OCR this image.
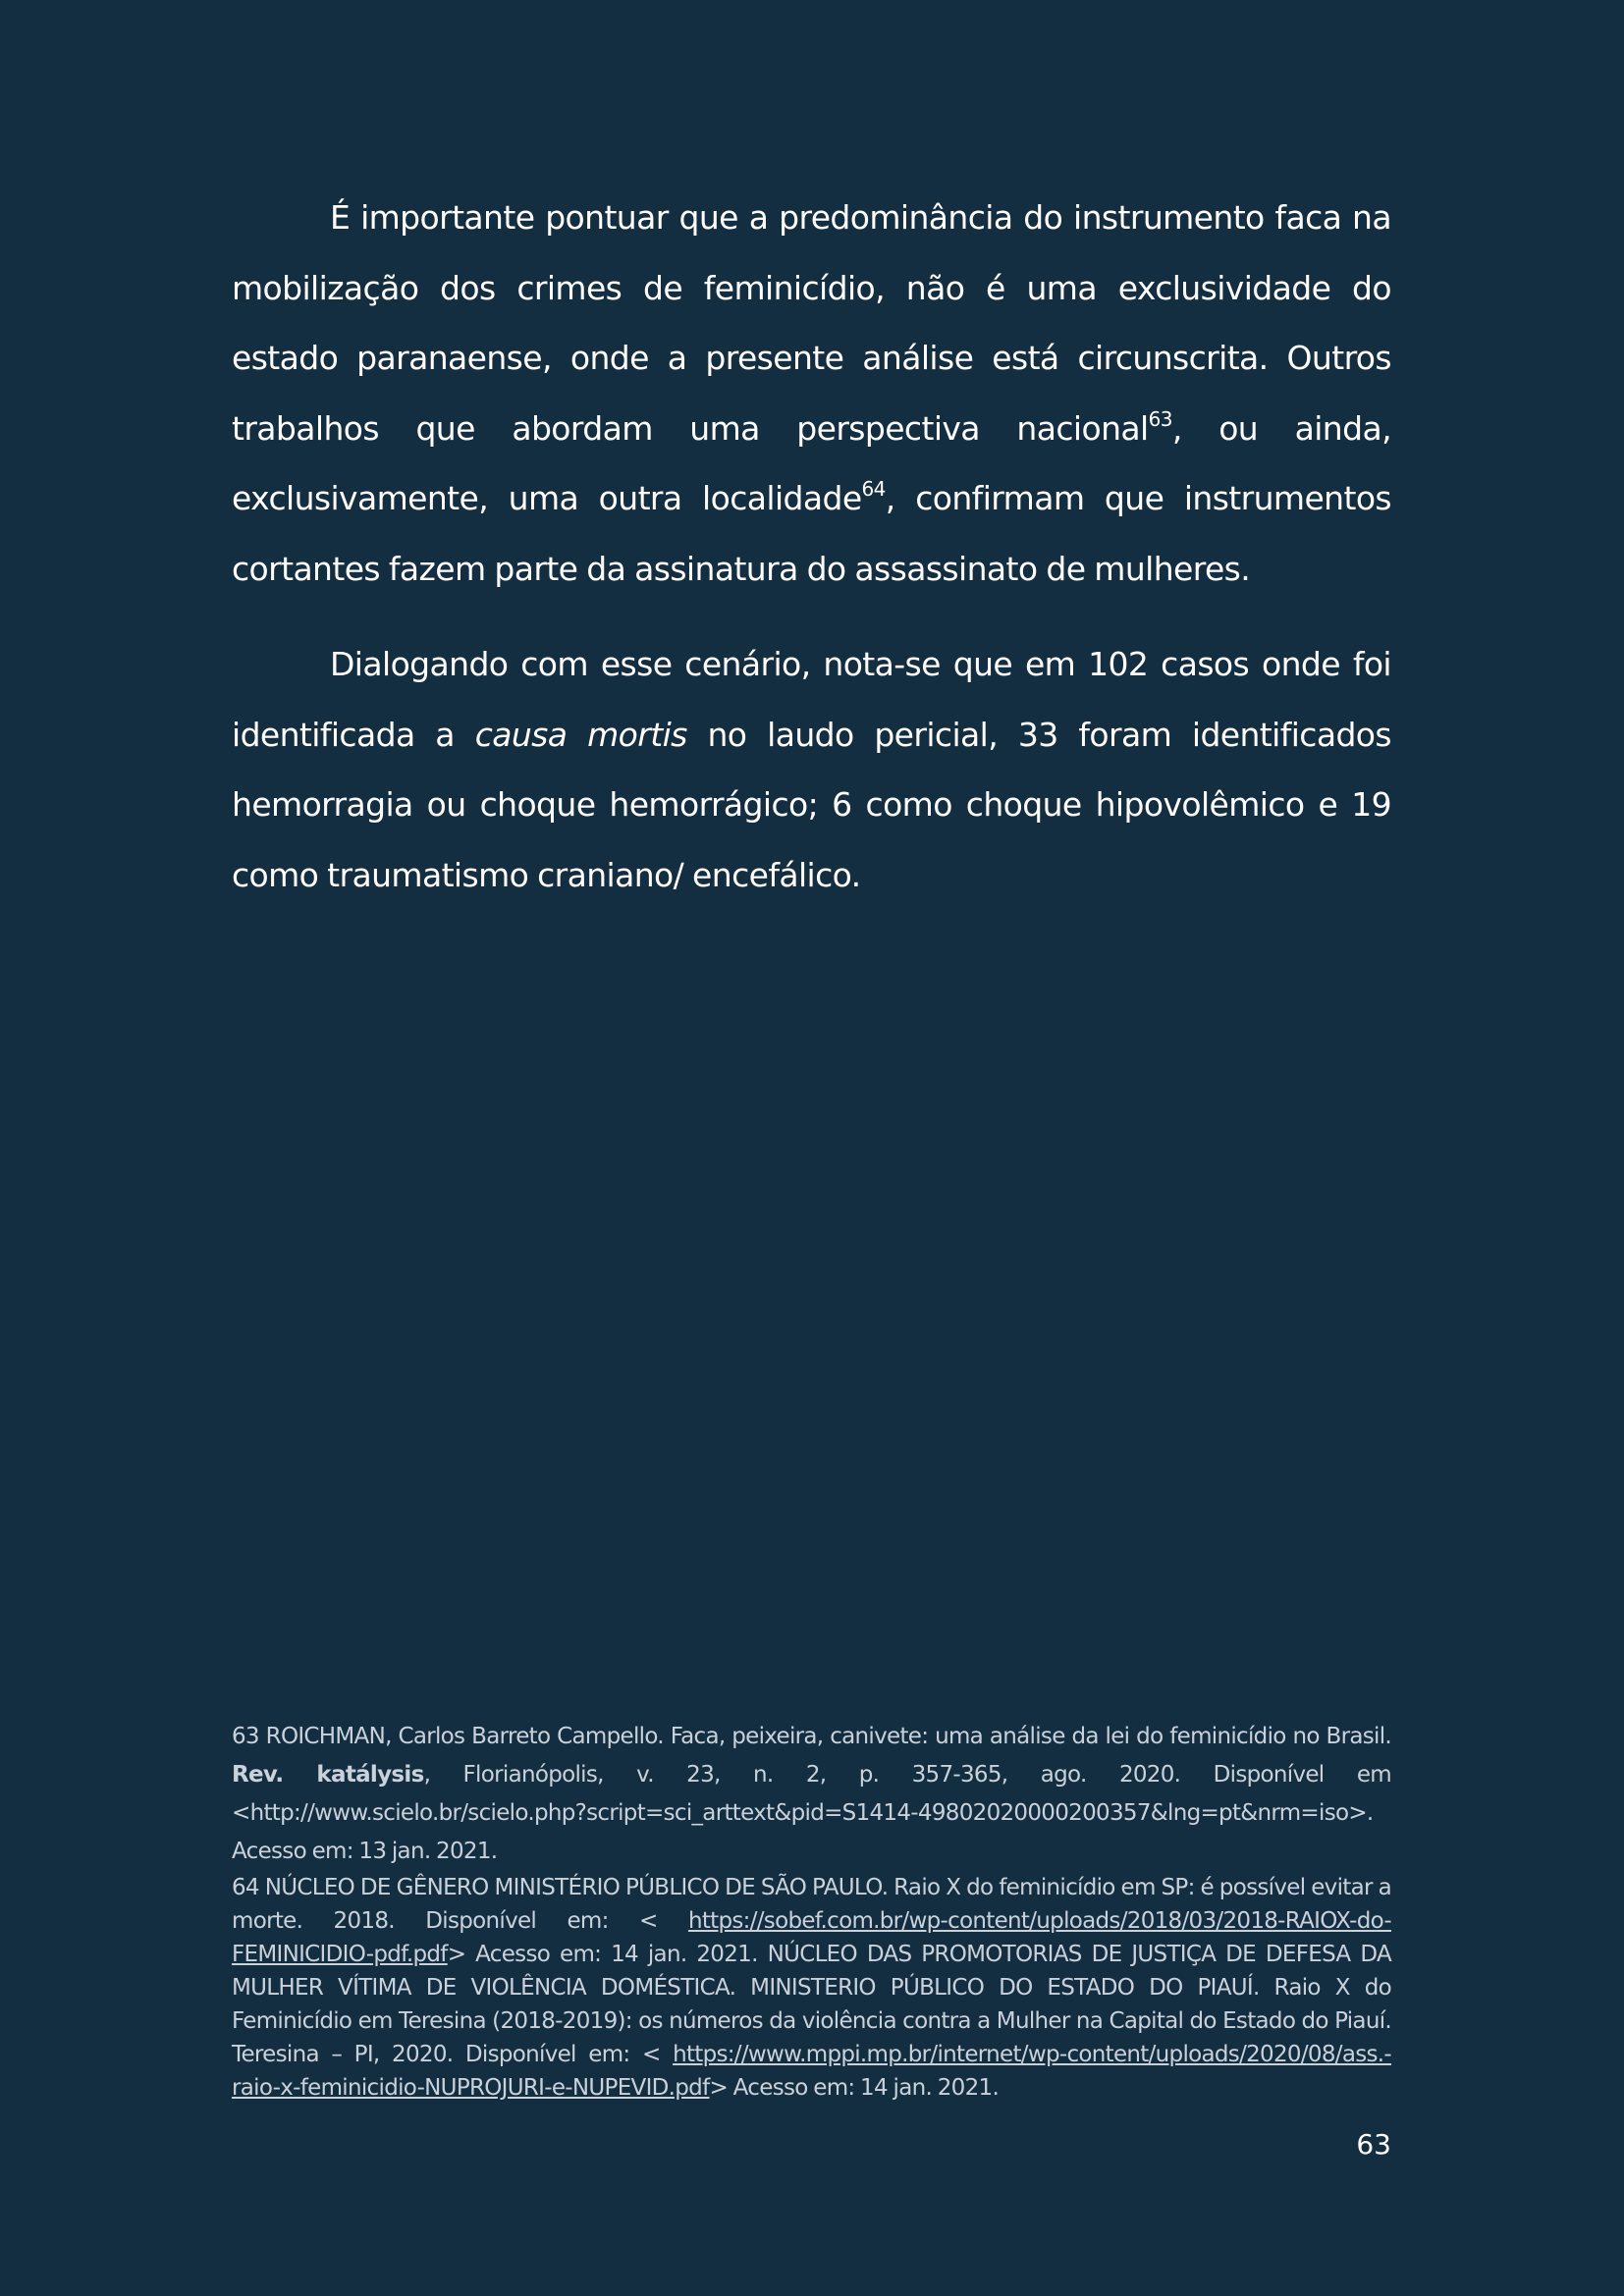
É importante pontuar que a predominância do instrumento faca na mobilização dos crimes de feminicídio, não é uma exclusividade do estado paranaense, onde a presente análise está circunscrita. Outros trabalhos que abordam uma perspectiva nacional$^{63}$, ou ainda, exclusivamente, uma outra localidade$^{64}$, confirmam que instrumentos cortantes fazem parte da assinatura do assassinato de mulheres.

Dialogando com esse cenário, nota-se que em 102 casos onde foi identificada a causa mortis no laudo pericial, 33 foram identificados hemorragia ou choque hemorrágico; 6 como choque hipovolêmico e 19 como traumatismo craniano/ encefálico.

63 ROICHMAN, Carlos Barreto Campello. Faca, peixeira, canivete: uma análise da lei do feminicídio no Brasil. Rev. katálysis, Florianópolis, v. 23, n. 2, p. 357-365, ago. 2020. Disponível em <http://www.scielo.br/scielo.php?script=sci_arttext&pid=S1414-49802020000200357&lng=pt&nrm=iso>. Acesso em: 13 jan. 2021.

64 NÚCLEO DE GÊNERO MINISTÉRIO PÚBLICO DE SÃO PAULO. Raio X do feminicídio em SP: é possível evitar a morte. 2018. Disponível em: < https://sobef.com.br/wp-content/uploads/2018/03/2018-RAIOX-do-FEMINICIDIO-pdf.pdf> Acesso em: 14 jan. 2021. NÚCLEO DAS PROMOTORIAS DE JUSTIÇA DE DEFESA DA MULHER VÍTIMA DE VIOLÊNCIA DOMÉSTICA. MINISTERIO PÚBLICO DO ESTADO DO PIAUÍ. Raio X do Feminicídio em Teresina (2018-2019): os números da violência contra a Mulher na Capital do Estado do Piauí. Teresina – PI, 2020. Disponível em: < https://www.mppi.mp.br/internet/wp-content/uploads/2020/08/ass.-raio-x-feminicidio-NUPROJURI-e-NUPEVID.pdf> Acesso em: 14 jan. 2021.

63
